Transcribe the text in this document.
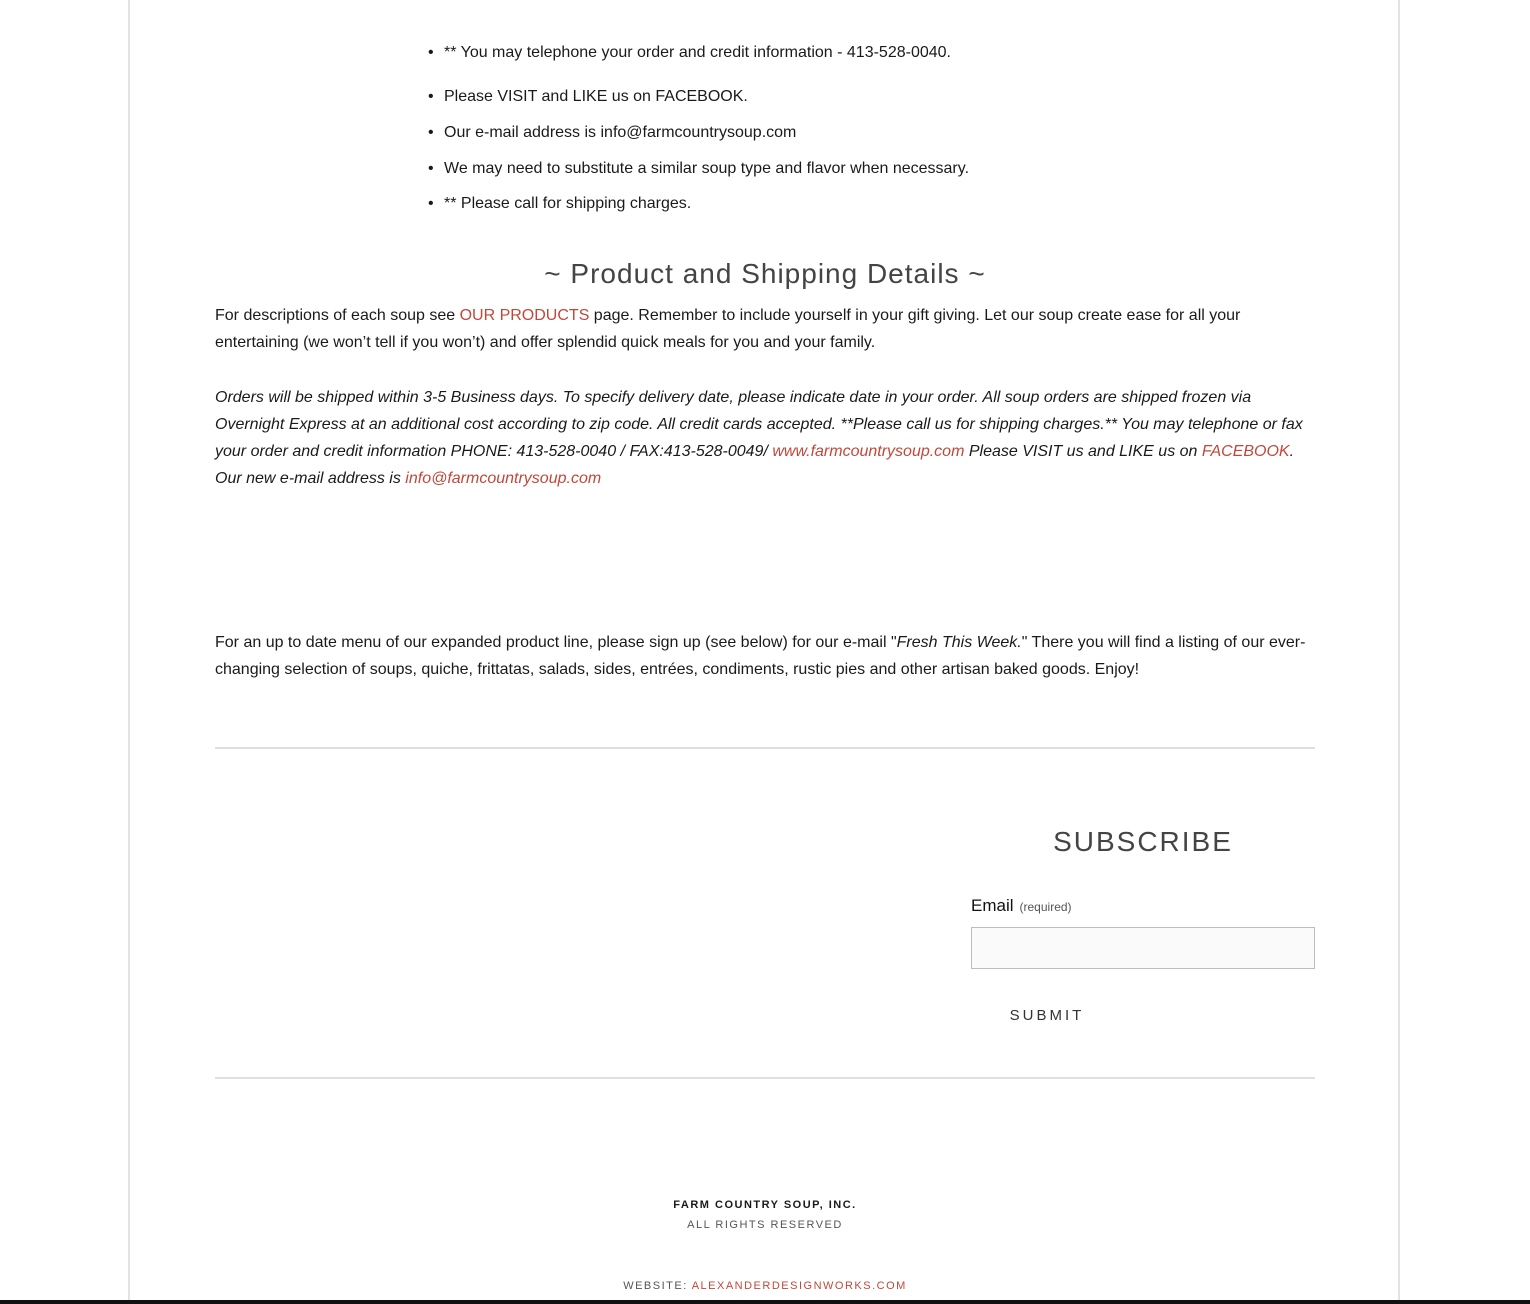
• ** You may telephone your order and credit information - 413-528-0040.
• Please VISIT and LIKE us on FACEBOOK.
• Our e-mail address is info@farmcountrysoup.com
• We may need to substitute a similar soup type and flavor when necessary.
• ** Please call for shipping charges.
~ Product and Shipping Details ~

For descriptions of each soup see OUR PRODUCTS page. Remember to include yourself in your gift giving. Let our soup create ease for all your entertaining (we won’t tell if you won’t) and offer splendid quick meals for you and your family.

Orders will be shipped within 3-5 Business days. To specify delivery date, please indicate date in your order. All soup orders are shipped frozen via Overnight Express at an additional cost according to zip code. All credit cards accepted. **Please call us for shipping charges.** You may telephone or fax your order and credit information PHONE: 413-528-0040 / FAX:413-528-0049/ www.farmcountrysoup.com Please VISIT us and LIKE us on FACEBOOK. Our new e-mail address is info@farmcountrysoup.com

For an up to date menu of our expanded product line, please sign up (see below) for our e-mail "Fresh This Week." There you will find a listing of our ever-changing selection of soups, quiche, frittatas, salads, sides, entrées, condiments, rustic pies and other artisan baked goods. Enjoy!

SUBSCRIBE
Email (required)
SUBMIT
FARM COUNTRY SOUP, INC.
ALL RIGHTS RESERVED
WEBSITE: ALEXANDERDESIGNWORKS.COM
